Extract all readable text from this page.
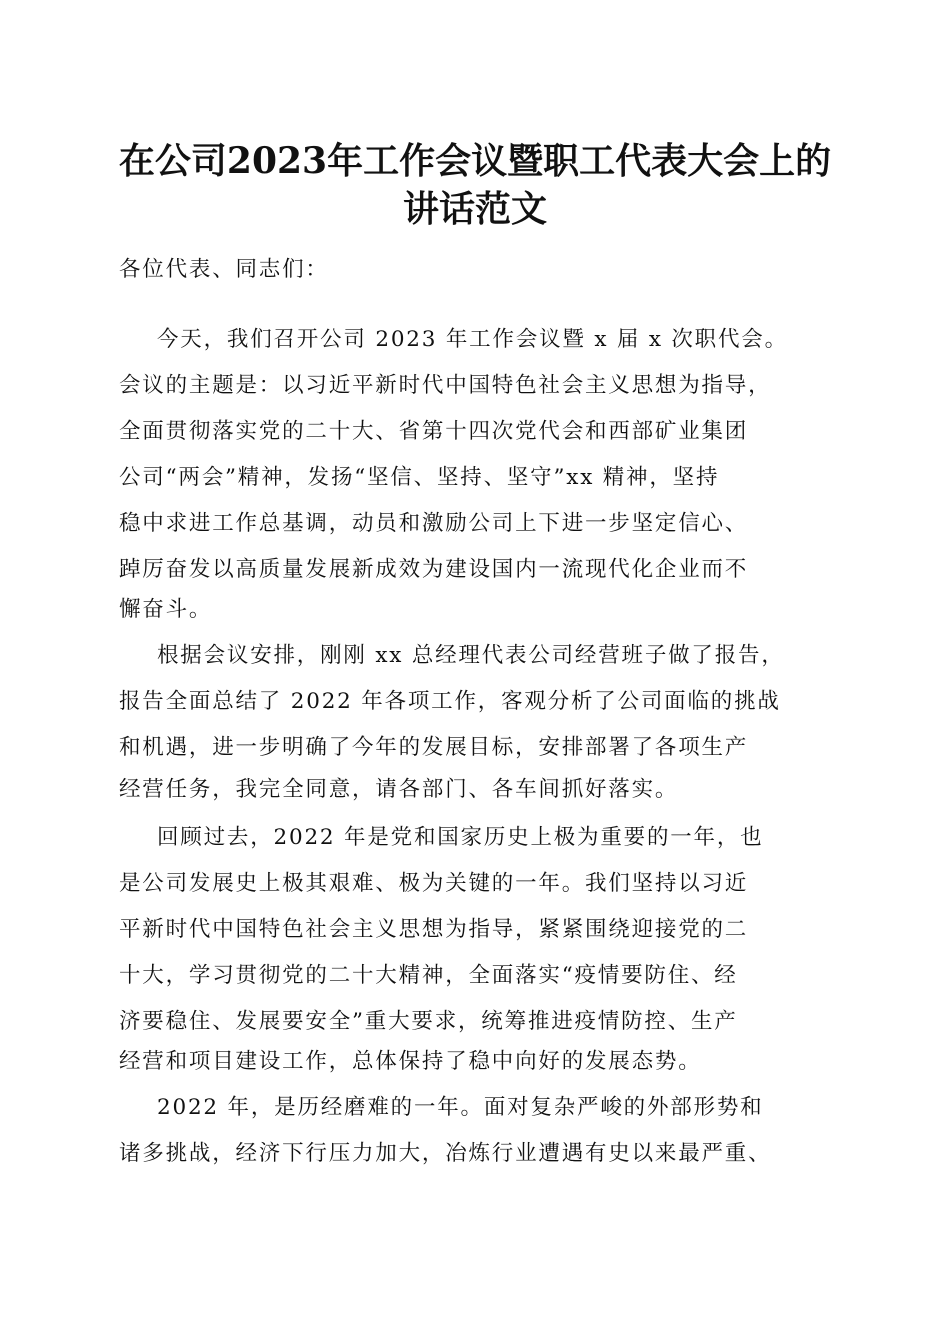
在公司2023年工作会议暨职工代表大会上的
讲话范文
各位代表、同志们：
今天，我们召开公司 2023 年工作会议暨 x 届 x 次职代会。
会议的主题是：以习近平新时代中国特色社会主义思想为指导，
全面贯彻落实党的二十大、省第十四次党代会和西部矿业集团
公司“两会”精神，发扬“坚信、坚持、坚守”xx 精神，坚持
稳中求进工作总基调，动员和激励公司上下进一步坚定信心、
踔厉奋发以高质量发展新成效为建设国内一流现代化企业而不
懈奋斗。
根据会议安排，刚刚 xx 总经理代表公司经营班子做了报告，
报告全面总结了 2022 年各项工作，客观分析了公司面临的挑战
和机遇，进一步明确了今年的发展目标，安排部署了各项生产
经营任务，我完全同意，请各部门、各车间抓好落实。
回顾过去，2022 年是党和国家历史上极为重要的一年，也
是公司发展史上极其艰难、极为关键的一年。我们坚持以习近
平新时代中国特色社会主义思想为指导，紧紧围绕迎接党的二
十大，学习贯彻党的二十大精神，全面落实“疫情要防住、经
济要稳住、发展要安全”重大要求，统筹推进疫情防控、生产
经营和项目建设工作，总体保持了稳中向好的发展态势。
2022 年，是历经磨难的一年。面对复杂严峻的外部形势和
诸多挑战，经济下行压力加大，冶炼行业遭遇有史以来最严重、
